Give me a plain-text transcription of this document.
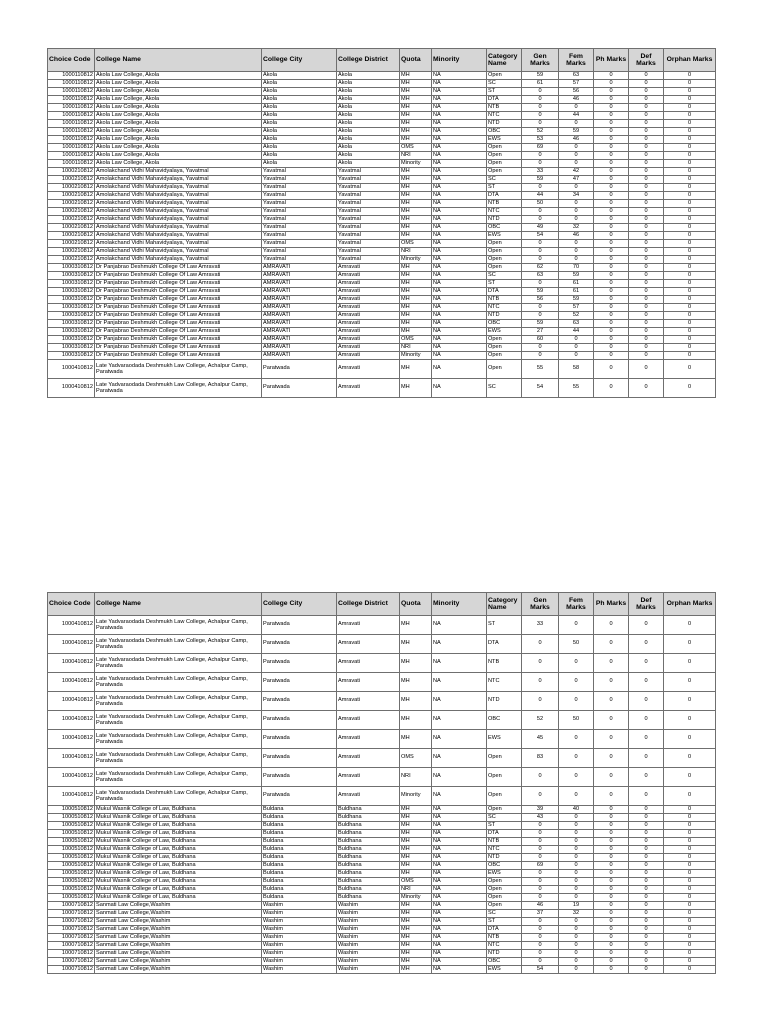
Choice Code	College Name	College City	College District	Quota	Minority	Category Name	Gen Marks	Fem Marks	Ph Marks	Def Marks	Orphan Marks
1000110812	Akola Law College, Akola	Akola	Akola	MH	NA	Open	59	63	0	0	0
1000110812	Akola Law College, Akola	Akola	Akola	MH	NA	SC	61	57	0	0	0
1000110812	Akola Law College, Akola	Akola	Akola	MH	NA	ST	0	56	0	0	0
1000110812	Akola Law College, Akola	Akola	Akola	MH	NA	DTA	0	46	0	0	0
1000110812	Akola Law College, Akola	Akola	Akola	MH	NA	NTB	0	0	0	0	0
1000110812	Akola Law College, Akola	Akola	Akola	MH	NA	NTC	0	44	0	0	0
1000110812	Akola Law College, Akola	Akola	Akola	MH	NA	NTD	0	0	0	0	0
1000110812	Akola Law College, Akola	Akola	Akola	MH	NA	OBC	52	59	0	0	0
1000110812	Akola Law College, Akola	Akola	Akola	MH	NA	EWS	53	46	0	0	0
1000110812	Akola Law College, Akola	Akola	Akola	OMS	NA	Open	69	0	0	0	0
1000110812	Akola Law College, Akola	Akola	Akola	NRI	NA	Open	0	0	0	0	0
1000110812	Akola Law College, Akola	Akola	Akola	Minority	NA	Open	0	0	0	0	0
1000210812	Amolakchand Vidhi Mahavidyalaya, Yavatmal	Yavatmal	Yavatmal	MH	NA	Open	33	42	0	0	0
1000210812	Amolakchand Vidhi Mahavidyalaya, Yavatmal	Yavatmal	Yavatmal	MH	NA	SC	59	47	0	0	0
1000210812	Amolakchand Vidhi Mahavidyalaya, Yavatmal	Yavatmal	Yavatmal	MH	NA	ST	0	0	0	0	0
1000210812	Amolakchand Vidhi Mahavidyalaya, Yavatmal	Yavatmal	Yavatmal	MH	NA	DTA	44	34	0	0	0
1000210812	Amolakchand Vidhi Mahavidyalaya, Yavatmal	Yavatmal	Yavatmal	MH	NA	NTB	50	0	0	0	0
1000210812	Amolakchand Vidhi Mahavidyalaya, Yavatmal	Yavatmal	Yavatmal	MH	NA	NTC	0	0	0	0	0
1000210812	Amolakchand Vidhi Mahavidyalaya, Yavatmal	Yavatmal	Yavatmal	MH	NA	NTD	0	0	0	0	0
1000210812	Amolakchand Vidhi Mahavidyalaya, Yavatmal	Yavatmal	Yavatmal	MH	NA	OBC	49	32	0	0	0
1000210812	Amolakchand Vidhi Mahavidyalaya, Yavatmal	Yavatmal	Yavatmal	MH	NA	EWS	54	46	0	0	0
1000210812	Amolakchand Vidhi Mahavidyalaya, Yavatmal	Yavatmal	Yavatmal	OMS	NA	Open	0	0	0	0	0
1000210812	Amolakchand Vidhi Mahavidyalaya, Yavatmal	Yavatmal	Yavatmal	NRI	NA	Open	0	0	0	0	0
1000210812	Amolakchand Vidhi Mahavidyalaya, Yavatmal	Yavatmal	Yavatmal	Minority	NA	Open	0	0	0	0	0
1000310812	Dr Panjabrao Deshmukh College Of Law Amravati	AMRAVATI	Amravati	MH	NA	Open	62	70	0	0	0
1000310812	Dr Panjabrao Deshmukh College Of Law Amravati	AMRAVATI	Amravati	MH	NA	SC	63	59	0	0	0
1000310812	Dr Panjabrao Deshmukh College Of Law Amravati	AMRAVATI	Amravati	MH	NA	ST	0	61	0	0	0
1000310812	Dr Panjabrao Deshmukh College Of Law Amravati	AMRAVATI	Amravati	MH	NA	DTA	59	61	0	0	0
1000310812	Dr Panjabrao Deshmukh College Of Law Amravati	AMRAVATI	Amravati	MH	NA	NTB	56	59	0	0	0
1000310812	Dr Panjabrao Deshmukh College Of Law Amravati	AMRAVATI	Amravati	MH	NA	NTC	0	57	0	0	0
1000310812	Dr Panjabrao Deshmukh College Of Law Amravati	AMRAVATI	Amravati	MH	NA	NTD	0	52	0	0	0
1000310812	Dr Panjabrao Deshmukh College Of Law Amravati	AMRAVATI	Amravati	MH	NA	OBC	59	63	0	0	0
1000310812	Dr Panjabrao Deshmukh College Of Law Amravati	AMRAVATI	Amravati	MH	NA	EWS	27	44	0	0	0
1000310812	Dr Panjabrao Deshmukh College Of Law Amravati	AMRAVATI	Amravati	OMS	NA	Open	60	0	0	0	0
1000310812	Dr Panjabrao Deshmukh College Of Law Amravati	AMRAVATI	Amravati	NRI	NA	Open	0	0	0	0	0
1000310812	Dr Panjabrao Deshmukh College Of Law Amravati	AMRAVATI	Amravati	Minority	NA	Open	0	0	0	0	0
1000410812	Late Yadvaraodada Deshmukh Law College, Achalpur Camp, Paratwada	Paratwada	Amravati	MH	NA	Open	55	58	0	0	0
1000410812	Late Yadvaraodada Deshmukh Law College, Achalpur Camp, Paratwada	Paratwada	Amravati	MH	NA	SC	54	55	0	0	0
Choice Code	College Name	College City	College District	Quota	Minority	Category Name	Gen Marks	Fem Marks	Ph Marks	Def Marks	Orphan Marks
1000410812	Late Yadvaraodada Deshmukh Law College, Achalpur Camp, Paratwada	Paratwada	Amravati	MH	NA	ST	33	0	0	0	0
1000410812	Late Yadvaraodada Deshmukh Law College, Achalpur Camp, Paratwada	Paratwada	Amravati	MH	NA	DTA	0	50	0	0	0
1000410812	Late Yadvaraodada Deshmukh Law College, Achalpur Camp, Paratwada	Paratwada	Amravati	MH	NA	NTB	0	0	0	0	0
1000410812	Late Yadvaraodada Deshmukh Law College, Achalpur Camp, Paratwada	Paratwada	Amravati	MH	NA	NTC	0	0	0	0	0
1000410812	Late Yadvaraodada Deshmukh Law College, Achalpur Camp, Paratwada	Paratwada	Amravati	MH	NA	NTD	0	0	0	0	0
1000410812	Late Yadvaraodada Deshmukh Law College, Achalpur Camp, Paratwada	Paratwada	Amravati	MH	NA	OBC	52	50	0	0	0
1000410812	Late Yadvaraodada Deshmukh Law College, Achalpur Camp, Paratwada	Paratwada	Amravati	MH	NA	EWS	45	0	0	0	0
1000410812	Late Yadvaraodada Deshmukh Law College, Achalpur Camp, Paratwada	Paratwada	Amravati	OMS	NA	Open	83	0	0	0	0
1000410812	Late Yadvaraodada Deshmukh Law College, Achalpur Camp, Paratwada	Paratwada	Amravati	NRI	NA	Open	0	0	0	0	0
1000410812	Late Yadvaraodada Deshmukh Law College, Achalpur Camp, Paratwada	Paratwada	Amravati	Minority	NA	Open	0	0	0	0	0
1000510812	Mukul Wasnik College of Law, Buldhana	Buldana	Buldhana	MH	NA	Open	39	40	0	0	0
1000510812	Mukul Wasnik College of Law, Buldhana	Buldana	Buldhana	MH	NA	SC	43	0	0	0	0
1000510812	Mukul Wasnik College of Law, Buldhana	Buldana	Buldhana	MH	NA	ST	0	0	0	0	0
1000510812	Mukul Wasnik College of Law, Buldhana	Buldana	Buldhana	MH	NA	DTA	0	0	0	0	0
1000510812	Mukul Wasnik College of Law, Buldhana	Buldana	Buldhana	MH	NA	NTB	0	0	0	0	0
1000510812	Mukul Wasnik College of Law, Buldhana	Buldana	Buldhana	MH	NA	NTC	0	0	0	0	0
1000510812	Mukul Wasnik College of Law, Buldhana	Buldana	Buldhana	MH	NA	NTD	0	0	0	0	0
1000510812	Mukul Wasnik College of Law, Buldhana	Buldana	Buldhana	MH	NA	OBC	69	0	0	0	0
1000510812	Mukul Wasnik College of Law, Buldhana	Buldana	Buldhana	MH	NA	EWS	0	0	0	0	0
1000510812	Mukul Wasnik College of Law, Buldhana	Buldana	Buldhana	OMS	NA	Open	0	0	0	0	0
1000510812	Mukul Wasnik College of Law, Buldhana	Buldana	Buldhana	NRI	NA	Open	0	0	0	0	0
1000510812	Mukul Wasnik College of Law, Buldhana	Buldana	Buldhana	Minority	NA	Open	0	0	0	0	0
1000710812	Sanmati Law College,Washim	Washim	Washim	MH	NA	Open	46	19	0	0	0
1000710812	Sanmati Law College,Washim	Washim	Washim	MH	NA	SC	37	32	0	0	0
1000710812	Sanmati Law College,Washim	Washim	Washim	MH	NA	ST	0	0	0	0	0
1000710812	Sanmati Law College,Washim	Washim	Washim	MH	NA	DTA	0	0	0	0	0
1000710812	Sanmati Law College,Washim	Washim	Washim	MH	NA	NTB	0	0	0	0	0
1000710812	Sanmati Law College,Washim	Washim	Washim	MH	NA	NTC	0	0	0	0	0
1000710812	Sanmati Law College,Washim	Washim	Washim	MH	NA	NTD	0	0	0	0	0
1000710812	Sanmati Law College,Washim	Washim	Washim	MH	NA	OBC	0	0	0	0	0
1000710812	Sanmati Law College,Washim	Washim	Washim	MH	NA	EWS	54	0	0	0	0
